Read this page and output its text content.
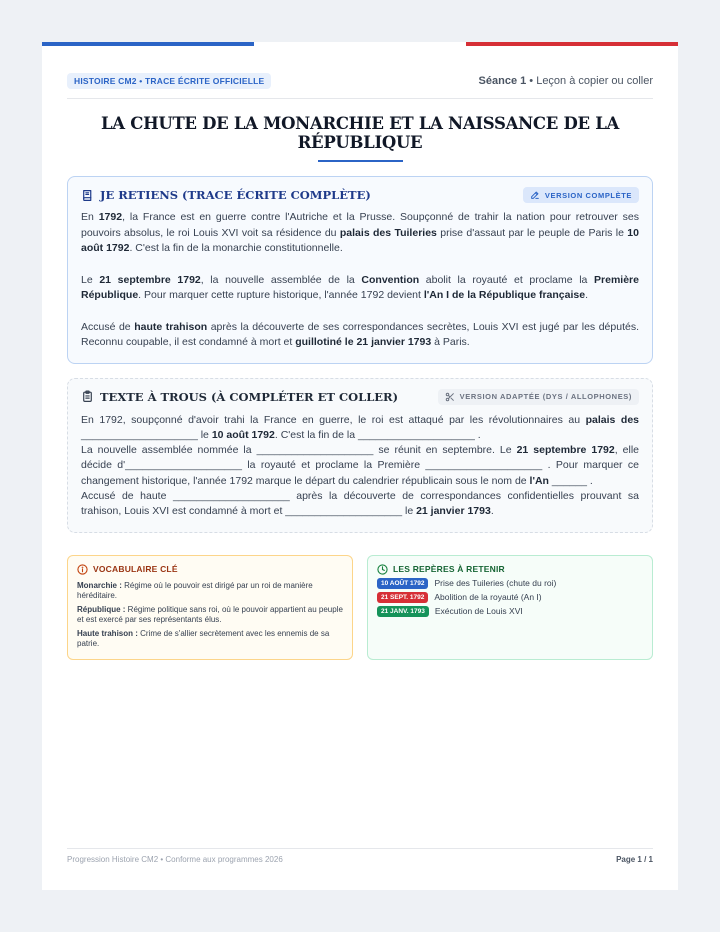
HISTOIRE CM2 • TRACE ÉCRITE OFFICIELLE	Séance 1 • Leçon à copier ou coller
LA CHUTE DE LA MONARCHIE ET LA NAISSANCE DE LA RÉPUBLIQUE
JE RETIENS (TRACE ÉCRITE COMPLÈTE)	VERSION COMPLÈTE

En 1792, la France est en guerre contre l'Autriche et la Prusse. Soupçonné de trahir la nation pour retrouver ses pouvoirs absolus, le roi Louis XVI voit sa résidence du palais des Tuileries prise d'assaut par le peuple de Paris le 10 août 1792. C'est la fin de la monarchie constitutionnelle.

Le 21 septembre 1792, la nouvelle assemblée de la Convention abolit la royauté et proclame la Première République. Pour marquer cette rupture historique, l'année 1792 devient l'An I de la République française.

Accusé de haute trahison après la découverte de ses correspondances secrètes, Louis XVI est jugé par les députés. Reconnu coupable, il est condamné à mort et guillotiné le 21 janvier 1793 à Paris.

TEXTE À TROUS (À COMPLÉTER ET COLLER)	VERSION ADAPTÉE (DYS / ALLOPHONES)

En 1792, soupçonné d'avoir trahi la France en guerre, le roi est attaqué par les révolutionnaires au palais des ____________________ le 10 août 1792. C'est la fin de la ____________________ .

La nouvelle assemblée nommée la ____________________ se réunit en septembre. Le 21 septembre 1792, elle décide d'____________________ la royauté et proclame la Première ____________________ . Pour marquer ce changement historique, l'année 1792 marque le départ du calendrier républicain sous le nom de l'An ______ .

Accusé de haute ____________________ après la découverte de correspondances confidentielles prouvant sa trahison, Louis XVI est condamné à mort et ____________________ le 21 janvier 1793.

VOCABULAIRE CLÉ

Monarchie : Régime où le pouvoir est dirigé par un roi de manière héréditaire.

République : Régime politique sans roi, où le pouvoir appartient au peuple et est exercé par ses représentants élus.

Haute trahison : Crime de s'allier secrètement avec les ennemis de sa patrie.

LES REPÈRES À RETENIR
10 AOÛT 1792	Prise des Tuileries (chute du roi)
21 SEPT. 1792	Abolition de la royauté (An I)
21 JANV. 1793	Exécution de Louis XVI
Progression Histoire CM2 • Conforme aux programmes 2026	Page 1 / 1
